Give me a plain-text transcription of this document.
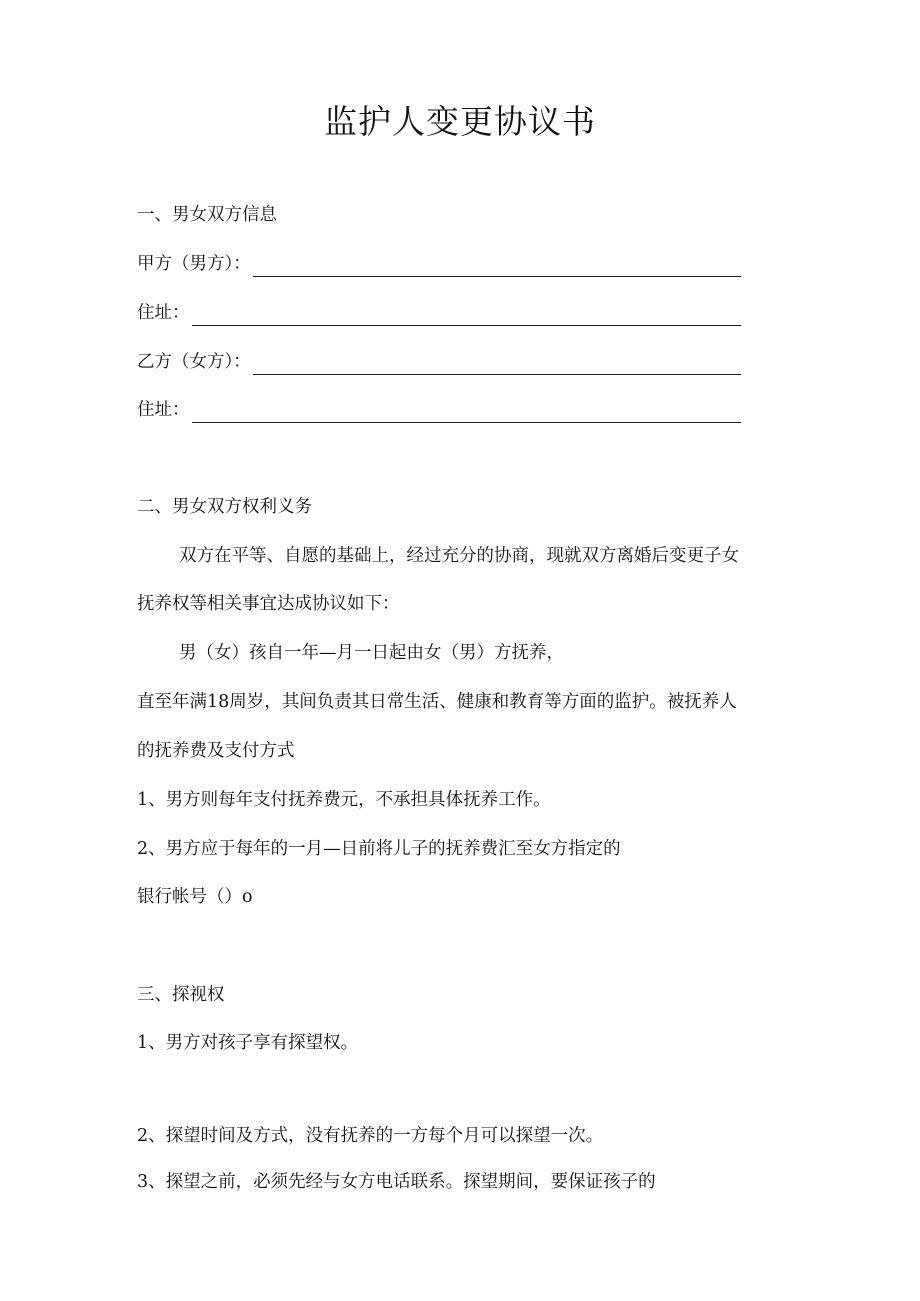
监护人变更协议书
一、男女双方信息
甲方（男方）：
住址：
乙方（女方）：
住址：
二、男女双方权利义务
双方在平等、自愿的基础上，经过充分的协商，现就双方离婚后变更子女
抚养权等相关事宜达成协议如下：
男（女）孩自一年—月一日起由女（男）方抚养，
直至年满18周岁，其间负责其日常生活、健康和教育等方面的监护。被抚养人
的抚养费及支付方式
1、男方则每年支付抚养费元，不承担具体抚养工作。
2、男方应于每年的一月—日前将儿子的抚养费汇至女方指定的
银行帐号（）o
三、探视权
1、男方对孩子享有探望权。
2、探望时间及方式，没有抚养的一方每个月可以探望一次。
3、探望之前，必须先经与女方电话联系。探望期间，要保证孩子的
